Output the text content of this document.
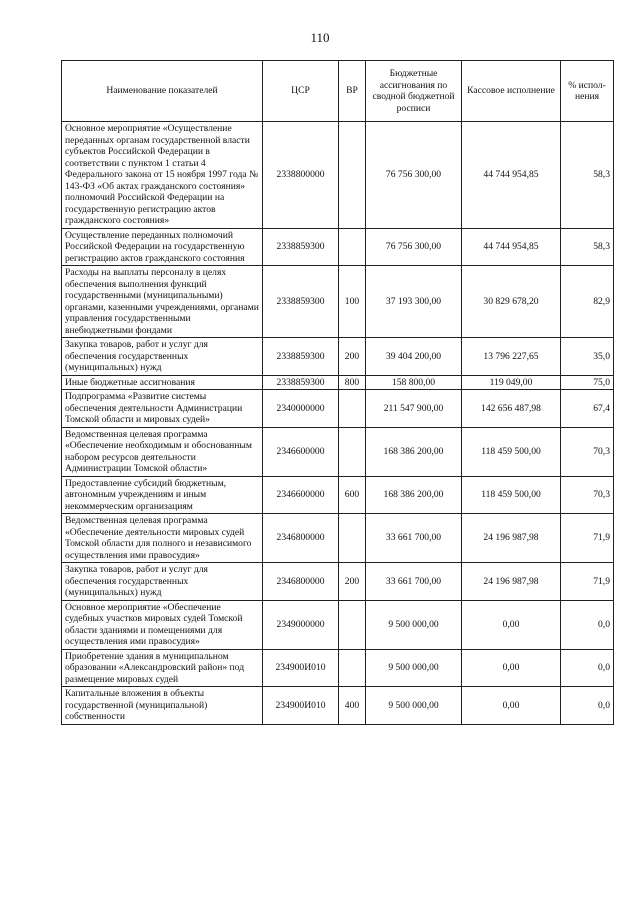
110
Наименование показателей	ЦСР	ВР	Бюджетные ассигнования по сводной бюджетной росписи	Кассовое исполнение	% испол-нения
Основное мероприятие «Осуществление переданных органам государственной власти субъектов Российской Федерации в соответствии с пунктом 1 статьи 4 Федерального закона от 15 ноября 1997 года № 143-ФЗ «Об актах гражданского состояния» полномочий Российской Федерации на государственную регистрацию актов гражданского состояния»	2338800000		76 756 300,00	44 744 954,85	58,3
Осуществление переданных полномочий Российской Федерации на государственную регистрацию актов гражданского состояния	2338859300		76 756 300,00	44 744 954,85	58,3
Расходы на выплаты персоналу в целях обеспечения выполнения функций государственными (муниципальными) органами, казенными учреждениями, органами управления государственными внебюджетными фондами	2338859300	100	37 193 300,00	30 829 678,20	82,9
Закупка товаров, работ и услуг для обеспечения государственных (муниципальных) нужд	2338859300	200	39 404 200,00	13 796 227,65	35,0
Иные бюджетные ассигнования	2338859300	800	158 800,00	119 049,00	75,0
Подпрограмма «Развитие системы обеспечения деятельности Администрации Томской области и мировых судей»	2340000000		211 547 900,00	142 656 487,98	67,4
Ведомственная целевая программа «Обеспечение необходимым и обоснованным набором ресурсов деятельности Администрации Томской области»	2346600000		168 386 200,00	118 459 500,00	70,3
Предоставление субсидий бюджетным, автономным учреждениям и иным некоммерческим организациям	2346600000	600	168 386 200,00	118 459 500,00	70,3
Ведомственная целевая программа «Обеспечение деятельности мировых судей Томской области для полного и независимого осуществления ими правосудия»	2346800000		33 661 700,00	24 196 987,98	71,9
Закупка товаров, работ и услуг для обеспечения государственных (муниципальных) нужд	2346800000	200	33 661 700,00	24 196 987,98	71,9
Основное мероприятие «Обеспечение судебных участков мировых судей Томской области зданиями и помещениями для осуществления ими правосудия»	2349000000		9 500 000,00	0,00	0,0
Приобретение здания в муниципальном образовании «Александровский район» под размещение мировых судей	234900И010		9 500 000,00	0,00	0,0
Капитальные вложения в объекты государственной (муниципальной) собственности	234900И010	400	9 500 000,00	0,00	0,0
